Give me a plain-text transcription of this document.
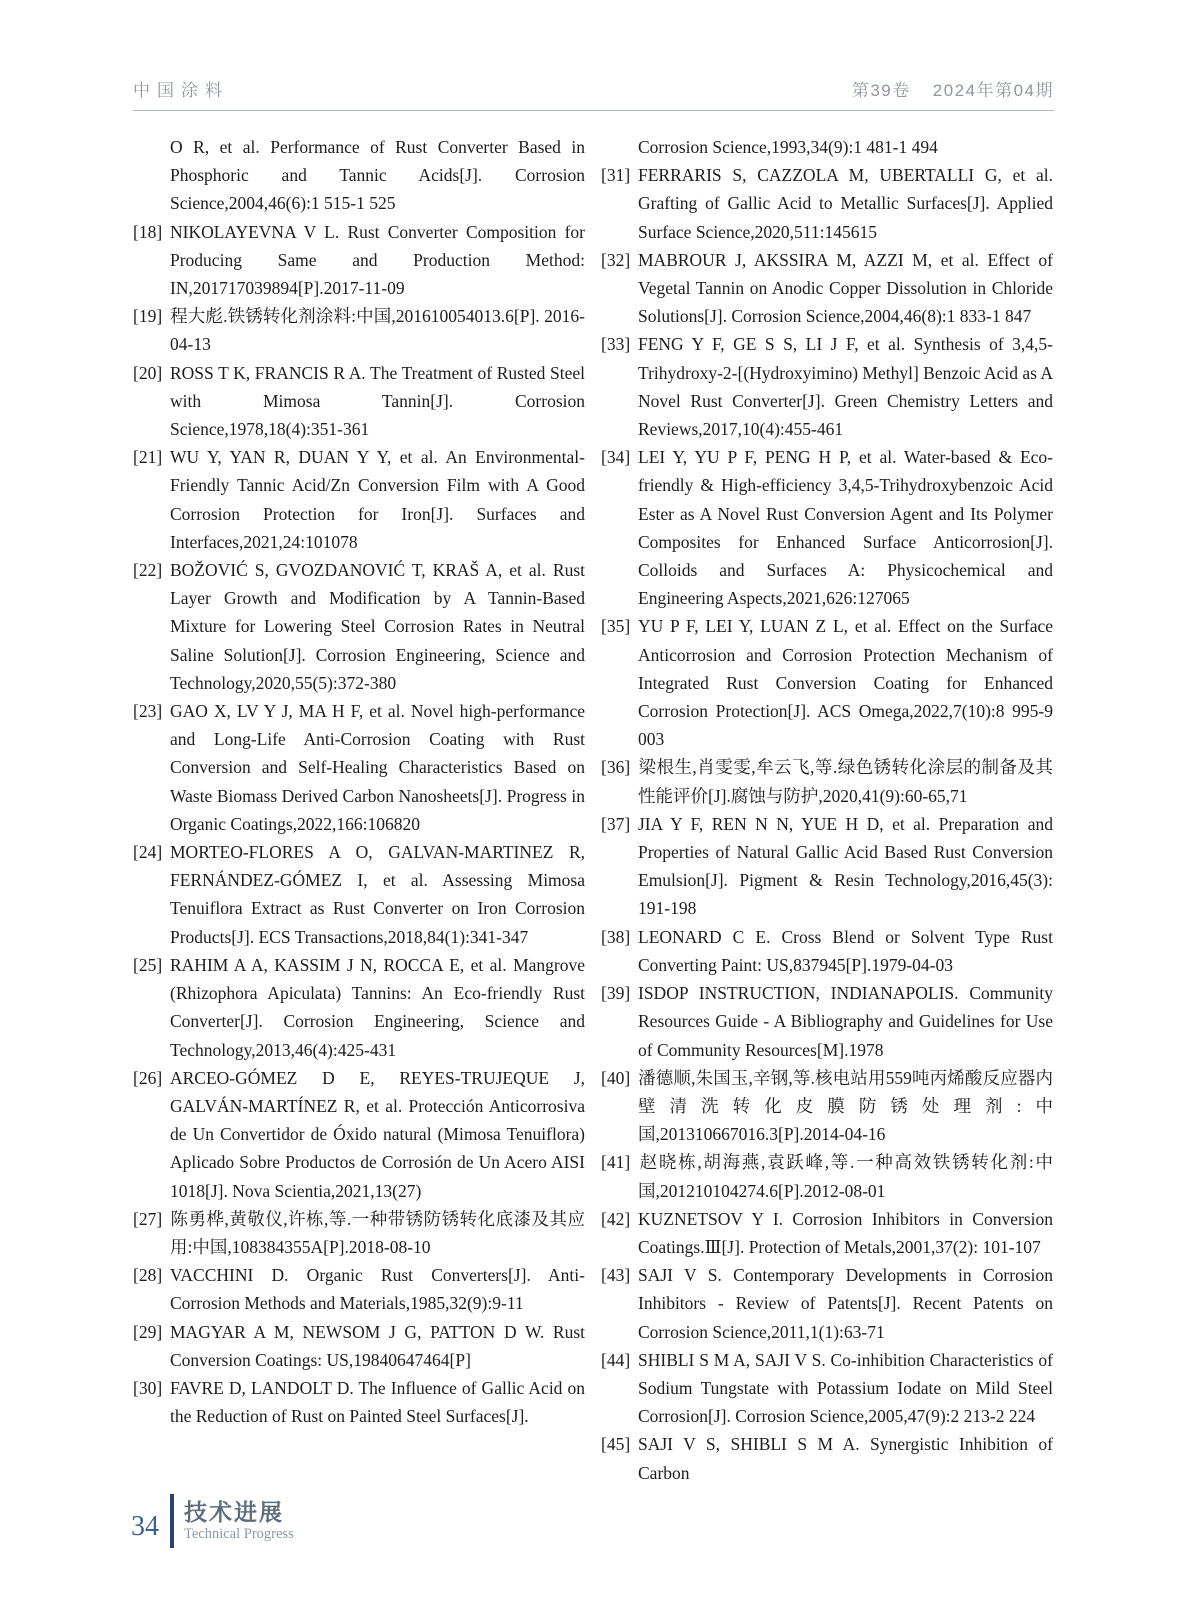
中国涂料	第39卷 2024年第04期
O R, et al. Performance of Rust Converter Based in Phosphoric and Tannic Acids[J]. Corrosion Science,2004,46(6):1 515-1 525
[18] NIKOLAYEVNA V L. Rust Converter Composition for Producing Same and Production Method: IN,201717039894[P].2017-11-09
[19] 程大彪.铁锈转化剂涂料:中国,201610054013.6[P]. 2016-04-13
[20] ROSS T K, FRANCIS R A. The Treatment of Rusted Steel with Mimosa Tannin[J]. Corrosion Science,1978,18(4):351-361
[21] WU Y, YAN R, DUAN Y Y, et al. An Environmental-Friendly Tannic Acid/Zn Conversion Film with A Good Corrosion Protection for Iron[J]. Surfaces and Interfaces,2021,24:101078
[22] BOŽOVIĆ S, GVOZDANOVIĆ T, KRAŠ A, et al. Rust Layer Growth and Modification by A Tannin-Based Mixture for Lowering Steel Corrosion Rates in Neutral Saline Solution[J]. Corrosion Engineering, Science and Technology,2020,55(5):372-380
[23] GAO X, LV Y J, MA H F, et al. Novel high-performance and Long-Life Anti-Corrosion Coating with Rust Conversion and Self-Healing Characteristics Based on Waste Biomass Derived Carbon Nanosheets[J]. Progress in Organic Coatings,2022,166:106820
[24] MORTEO-FLORES A O, GALVAN-MARTINEZ R, FERNÁNDEZ-GÓMEZ I, et al. Assessing Mimosa Tenuiflora Extract as Rust Converter on Iron Corrosion Products[J]. ECS Transactions,2018,84(1):341-347
[25] RAHIM A A, KASSIM J N, ROCCA E, et al. Mangrove (Rhizophora Apiculata) Tannins: An Eco-friendly Rust Converter[J]. Corrosion Engineering, Science and Technology,2013,46(4):425-431
[26] ARCEO-GÓMEZ D E, REYES-TRUJEQUE J, GALVÁN-MARTÍNEZ R, et al. Protección Anticorrosiva de Un Convertidor de Óxido natural (Mimosa Tenuiflora) Aplicado Sobre Productos de Corrosión de Un Acero AISI 1018[J]. Nova Scientia,2021,13(27)
[27] 陈勇桦,黄敬仪,许栋,等.一种带锈防锈转化底漆及其应用:中国,108384355A[P].2018-08-10
[28] VACCHINI D. Organic Rust Converters[J]. Anti-Corrosion Methods and Materials,1985,32(9):9-11
[29] MAGYAR A M, NEWSOM J G, PATTON D W. Rust Conversion Coatings: US,19840647464[P]
[30] FAVRE D, LANDOLT D. The Influence of Gallic Acid on the Reduction of Rust on Painted Steel Surfaces[J].
Corrosion Science,1993,34(9):1 481-1 494
[31] FERRARIS S, CAZZOLA M, UBERTALLI G, et al. Grafting of Gallic Acid to Metallic Surfaces[J]. Applied Surface Science,2020,511:145615
[32] MABROUR J, AKSSIRA M, AZZI M, et al. Effect of Vegetal Tannin on Anodic Copper Dissolution in Chloride Solutions[J]. Corrosion Science,2004,46(8):1 833-1 847
[33] FENG Y F, GE S S, LI J F, et al. Synthesis of 3,4,5-Trihydroxy-2-[(Hydroxyimino) Methyl] Benzoic Acid as A Novel Rust Converter[J]. Green Chemistry Letters and Reviews,2017,10(4):455-461
[34] LEI Y, YU P F, PENG H P, et al. Water-based & Eco-friendly & High-efficiency 3,4,5-Trihydroxybenzoic Acid Ester as A Novel Rust Conversion Agent and Its Polymer Composites for Enhanced Surface Anticorrosion[J]. Colloids and Surfaces A: Physicochemical and Engineering Aspects,2021,626:127065
[35] YU P F, LEI Y, LUAN Z L, et al. Effect on the Surface Anticorrosion and Corrosion Protection Mechanism of Integrated Rust Conversion Coating for Enhanced Corrosion Protection[J]. ACS Omega,2022,7(10):8 995-9 003
[36] 梁根生,肖雯雯,牟云飞,等.绿色锈转化涂层的制备及其性能评价[J].腐蚀与防护,2020,41(9):60-65,71
[37] JIA Y F, REN N N, YUE H D, et al. Preparation and Properties of Natural Gallic Acid Based Rust Conversion Emulsion[J]. Pigment & Resin Technology,2016,45(3): 191-198
[38] LEONARD C E. Cross Blend or Solvent Type Rust Converting Paint: US,837945[P].1979-04-03
[39] ISDOP INSTRUCTION, INDIANAPOLIS. Community Resources Guide - A Bibliography and Guidelines for Use of Community Resources[M].1978
[40] 潘德顺,朱国玉,辛钢,等.核电站用559吨丙烯酸反应器内壁清洗转化皮膜防锈处理剂:中国,201310667016.3[P].2014-04-16
[41] 赵晓栋,胡海燕,袁跃峰,等.一种高效铁锈转化剂:中国,201210104274.6[P].2012-08-01
[42] KUZNETSOV Y I. Corrosion Inhibitors in Conversion Coatings.Ⅲ[J]. Protection of Metals,2001,37(2): 101-107
[43] SAJI V S. Contemporary Developments in Corrosion Inhibitors - Review of Patents[J]. Recent Patents on Corrosion Science,2011,1(1):63-71
[44] SHIBLI S M A, SAJI V S. Co-inhibition Characteristics of Sodium Tungstate with Potassium Iodate on Mild Steel Corrosion[J]. Corrosion Science,2005,47(9):2 213-2 224
[45] SAJI V S, SHIBLI S M A. Synergistic Inhibition of Carbon
34 技术进展
Technical Progress
